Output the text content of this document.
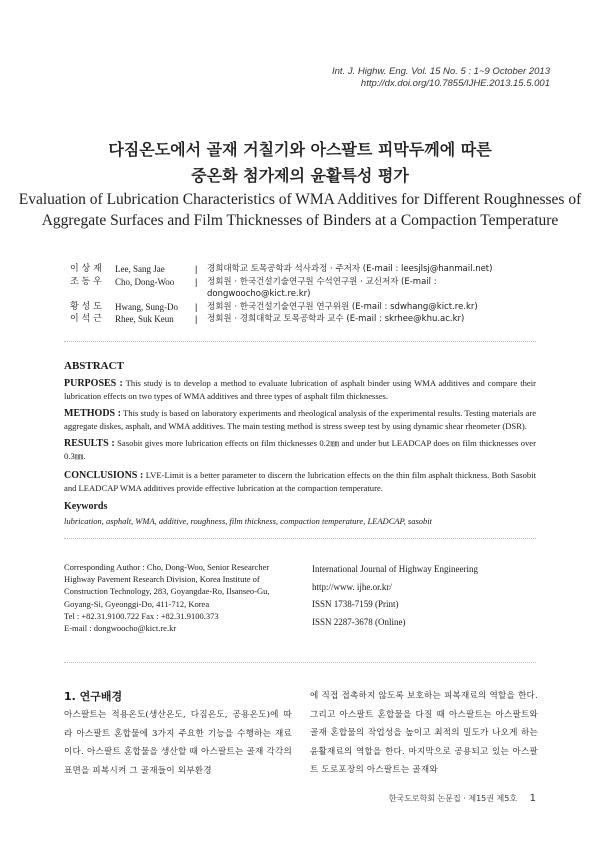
Int. J. Highw. Eng. Vol. 15 No. 5 : 1~9 October 2013
http://dx.doi.org/10.7855/IJHE.2013.15.5.001
다짐온도에서 골재 거칠기와 아스팔트 피막두께에 따른
중온화 첨가제의 윤활특성 평가
Evaluation of Lubrication Characteristics of WMA Additives for Different Roughnesses of
Aggregate Surfaces and Film Thicknesses of Binders at a Compaction Temperature
이 상 재	Lee, Sang Jae	|	경희대학교 토목공학과 석사과정 · 주저자 (E-mail : leesjlsj@hanmail.net)
조 동 우	Cho, Dong-Woo	|	정회원 · 한국건설기술연구원 수석연구원 · 교신저자 (E-mail : dongwoocho@kict.re.kr)
황 성 도	Hwang, Sung-Do	|	정회원 · 한국건설기술연구원 연구위원 (E-mail : sdwhang@kict.re.kr)
이 석 근	Rhee, Suk Keun	|	정회원 · 경희대학교 토목공학과 교수 (E-mail : skrhee@khu.ac.kr)
ABSTRACT
PURPOSES : This study is to develop a method to evaluate lubrication of asphalt binder using WMA additives and compare their lubrication effects on two types of WMA additives and three types of asphalt film thicknesses.
METHODS : This study is based on laboratory experiments and rheological analysis of the experimental results. Testing materials are aggregate diskes, asphalt, and WMA additives. The main testing method is stress sweep test by using dynamic shear rheometer (DSR).
RESULTS : Sasobit gives more lubrication effects on film thicknesses 0.2㎜ and under but LEADCAP does on film thicknesses over 0.3㎜.
CONCLUSIONS : LVE-Limit is a better parameter to discern the lubrication effects on the thin film asphalt thickness. Both Sasobit and LEADCAP WMA additives provide effective lubrication at the compaction temperature.
Keywords
lubrication, asphalt, WMA, additive, roughness, film thickness, compaction temperature, LEADCAP, sasobit
Corresponding Author : Cho, Dong-Woo, Senior Researcher
Highway Pavement Research Division, Korea Institute of
Construction Technology, 283, Goyangdae-Ro, Ilsanseo-Gu,
Goyang-Si, Gyeonggi-Do, 411-712, Korea
Tel : +82.31.9100.722 Fax : +82.31.9100.373
E-mail : dongwoocho@kict.re.kr
International Journal of Highway Engineering
http://www. ijhe.or.kr/
ISSN 1738-7159 (Print)
ISSN 2287-3678 (Online)
1. 연구배경
아스팔트는 적용온도(생산온도, 다짐온도, 공용온도)에 따라 아스팔트 혼합물에 3가지 주요한 기능을 수행하는 재료이다. 아스팔트 혼합물을 생산할 때 아스팔트는 골재 각각의 표면을 피복시켜 그 골재들이 외부환경
에 직접 접촉하지 않도록 보호하는 피복재료의 역할을 한다. 그리고 아스팔트 혼합물을 다질 때 아스팔트는 아스팔트와 골재 혼합물의 작업성을 높이고 최적의 밀도가 나오게 하는 윤활재료의 역할을 한다. 마지막으로 공용되고 있는 아스팔트 도로포장의 아스팔트는 골재와
한국도로학회 논문집 · 제15권 제5호 1
